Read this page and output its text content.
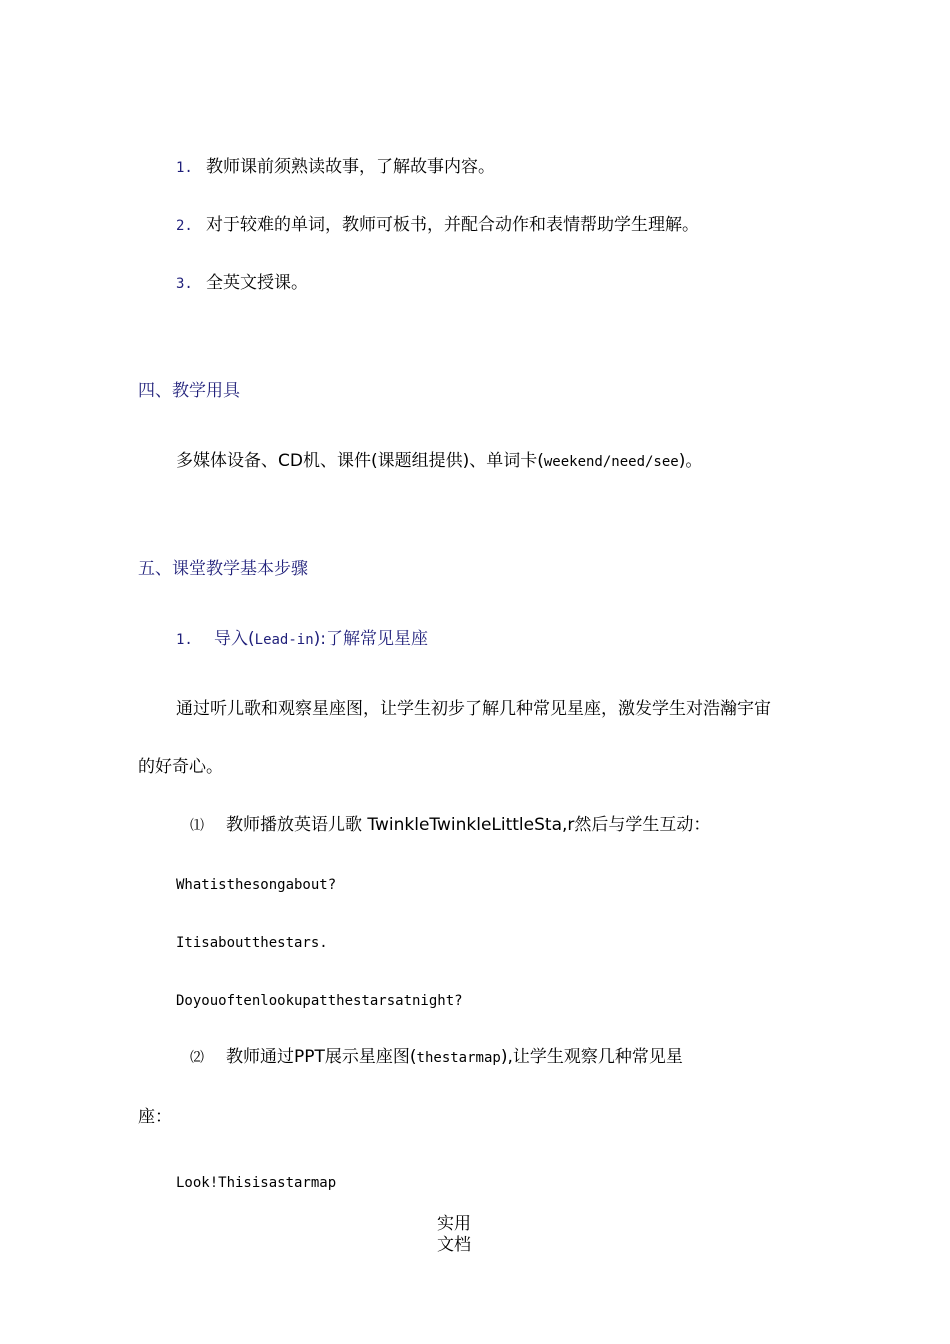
1. 教师课前须熟读故事，了解故事内容。
2. 对于较难的单词，教师可板书，并配合动作和表情帮助学生理解。
3. 全英文授课。
四、教学用具
多媒体设备、CD机、课件(课题组提供)、单词卡(weekend/need/see)。
五、课堂教学基本步骤
1. 导入(Lead-in):了解常见星座
通过听儿歌和观察星座图，让学生初步了解几种常见星座，激发学生对浩瀚宇宙
的好奇心。
⑴ 教师播放英语儿歌 TwinkleTwinkleLittleSta,r然后与学生互动：
Whatisthesongabout?
Itisaboutthestars.
Doyouoftenlookupatthestarsatnight?
⑵ 教师通过PPT展示星座图(thestarmap),让学生观察几种常见星
座：
Look!Thisisastarmap
实用
文档
